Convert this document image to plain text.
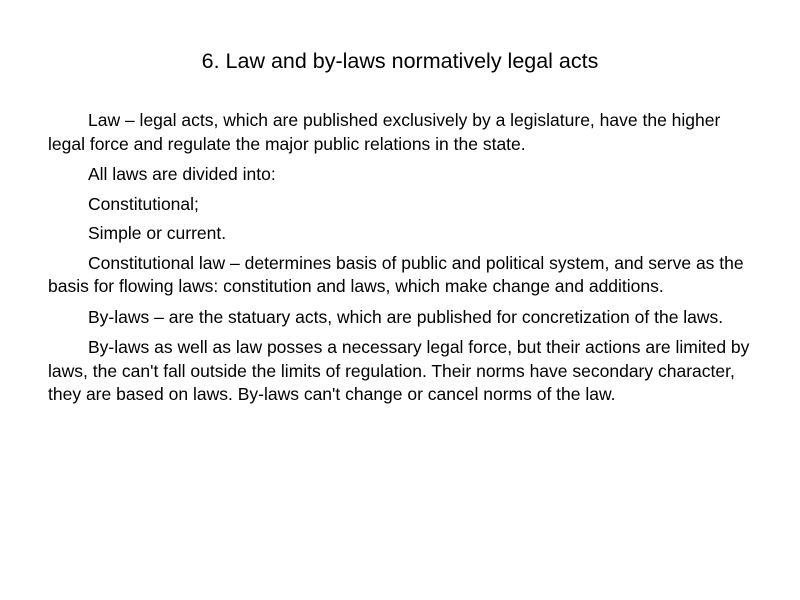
6. Law and by-laws normatively legal acts

Law – legal acts, which are published exclusively by a legislature, have the higher legal force and regulate the major public relations in the state.

All laws are divided into:

Constitutional;

Simple or current.

Constitutional law – determines basis of public and political system, and serve as the basis for flowing laws: constitution and laws, which make change and additions.

By-laws – are the statuary acts, which are published for concretization of the laws.

By-laws as well as law posses a necessary legal force, but their actions are limited by laws, the can't fall outside the limits of regulation. Their norms have secondary character, they are based on laws. By-laws can't change or cancel norms of the law.
